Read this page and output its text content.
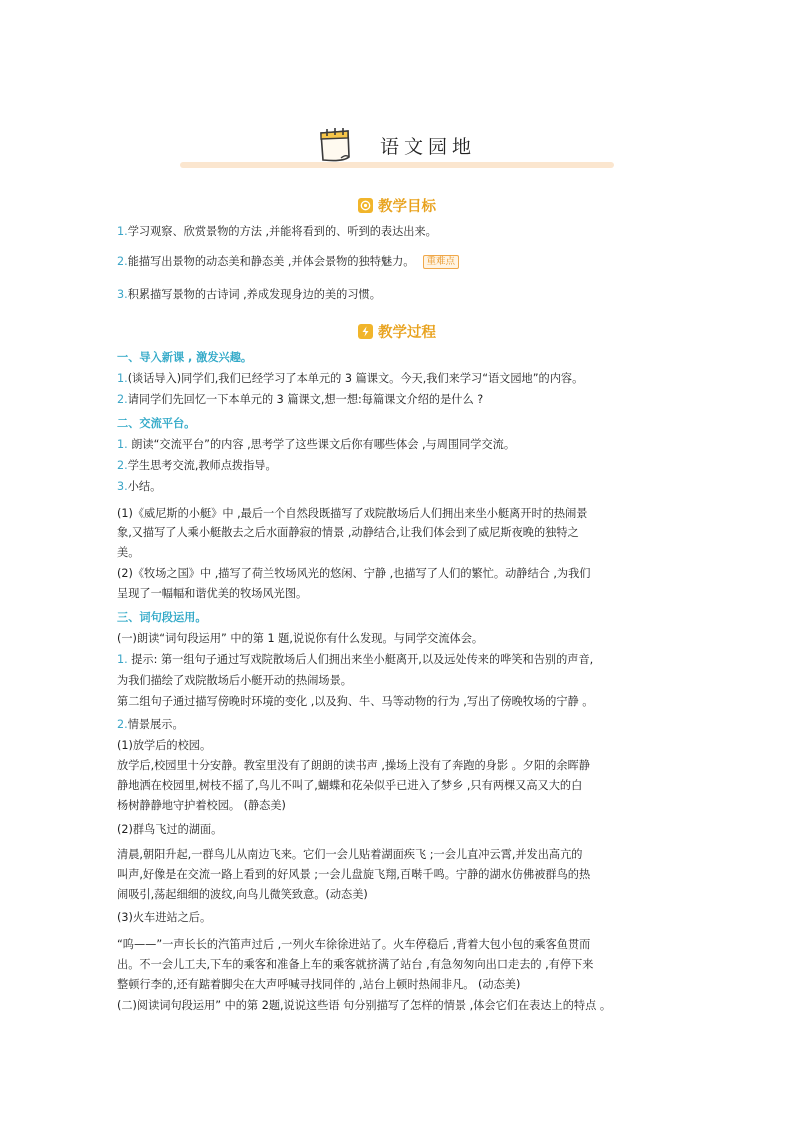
语文园地
教学目标
1.学习观察、欣赏景物的方法 ,并能将看到的、听到的表达出来。
2.能描写出景物的动态美和静态美 ,并体会景物的独特魅力。 重难点
3.积累描写景物的古诗词 ,养成发现身边的美的习惯。
教学过程
一、导入新课 , 激发兴趣。
1.(谈话导入)同学们,我们已经学习了本单元的 3 篇课文。今天,我们来学习“语文园地”的内容。
2.请同学们先回忆一下本单元的 3 篇课文,想一想:每篇课文介绍的是什么 ?
二、交流平台。
1. 朗读“交流平台”的内容 ,思考学了这些课文后你有哪些体会 ,与周围同学交流。
2.学生思考交流,教师点拨指导。
3.小结。
(1)《威尼斯的小艇》中 ,最后一个自然段既描写了戏院散场后人们拥出来坐小艇离开时的热闹景
象,又描写了人乘小艇散去之后水面静寂的情景 ,动静结合,让我们体会到了威尼斯夜晚的独特之
美。
(2)《牧场之国》中 ,描写了荷兰牧场风光的悠闲、宁静 ,也描写了人们的繁忙。动静结合 ,为我们
呈现了一幅幅和谐优美的牧场风光图。
三、词句段运用。
(一)朗读“词句段运用” 中的第 1 题,说说你有什么发现。与同学交流体会。
1. 提示: 第一组句子通过写戏院散场后人们拥出来坐小艇离开,以及远处传来的哗笑和告别的声音,
为我们描绘了戏院散场后小艇开动的热闹场景。
第二组句子通过描写傍晚时环境的变化 ,以及狗、牛、马等动物的行为 ,写出了傍晚牧场的宁静 。
2.情景展示。
(1)放学后的校园。
放学后,校园里十分安静。教室里没有了朗朗的读书声 ,操场上没有了奔跑的身影 。夕阳的余晖静
静地洒在校园里,树枝不摇了,鸟儿不叫了,蝴蝶和花朵似乎已进入了梦乡 ,只有两棵又高又大的白
杨树静静地守护着校园。 (静态美)
(2)群鸟飞过的湖面。
清晨,朝阳升起,一群鸟儿从南边飞来。它们一会儿贴着湖面疾飞 ;一会儿直冲云霄,并发出高亢的
叫声,好像是在交流一路上看到的好风景 ;一会儿盘旋飞翔,百啭千鸣。宁静的湖水仿佛被群鸟的热
闹吸引,荡起细细的波纹,向鸟儿微笑致意。(动态美)
(3)火车进站之后。
“呜——”一声长长的汽笛声过后 ,一列火车徐徐进站了。火车停稳后 ,背着大包小包的乘客鱼贯而
出。不一会儿工夫,下车的乘客和准备上车的乘客就挤满了站台 ,有急匆匆向出口走去的 ,有停下来
整顿行李的,还有踮着脚尖在大声呼喊寻找同伴的 ,站台上顿时热闹非凡。 (动态美)
(二)阅读词句段运用” 中的第 2题,说说这些语 句分别描写了怎样的情景 ,体会它们在表达上的特点 。
